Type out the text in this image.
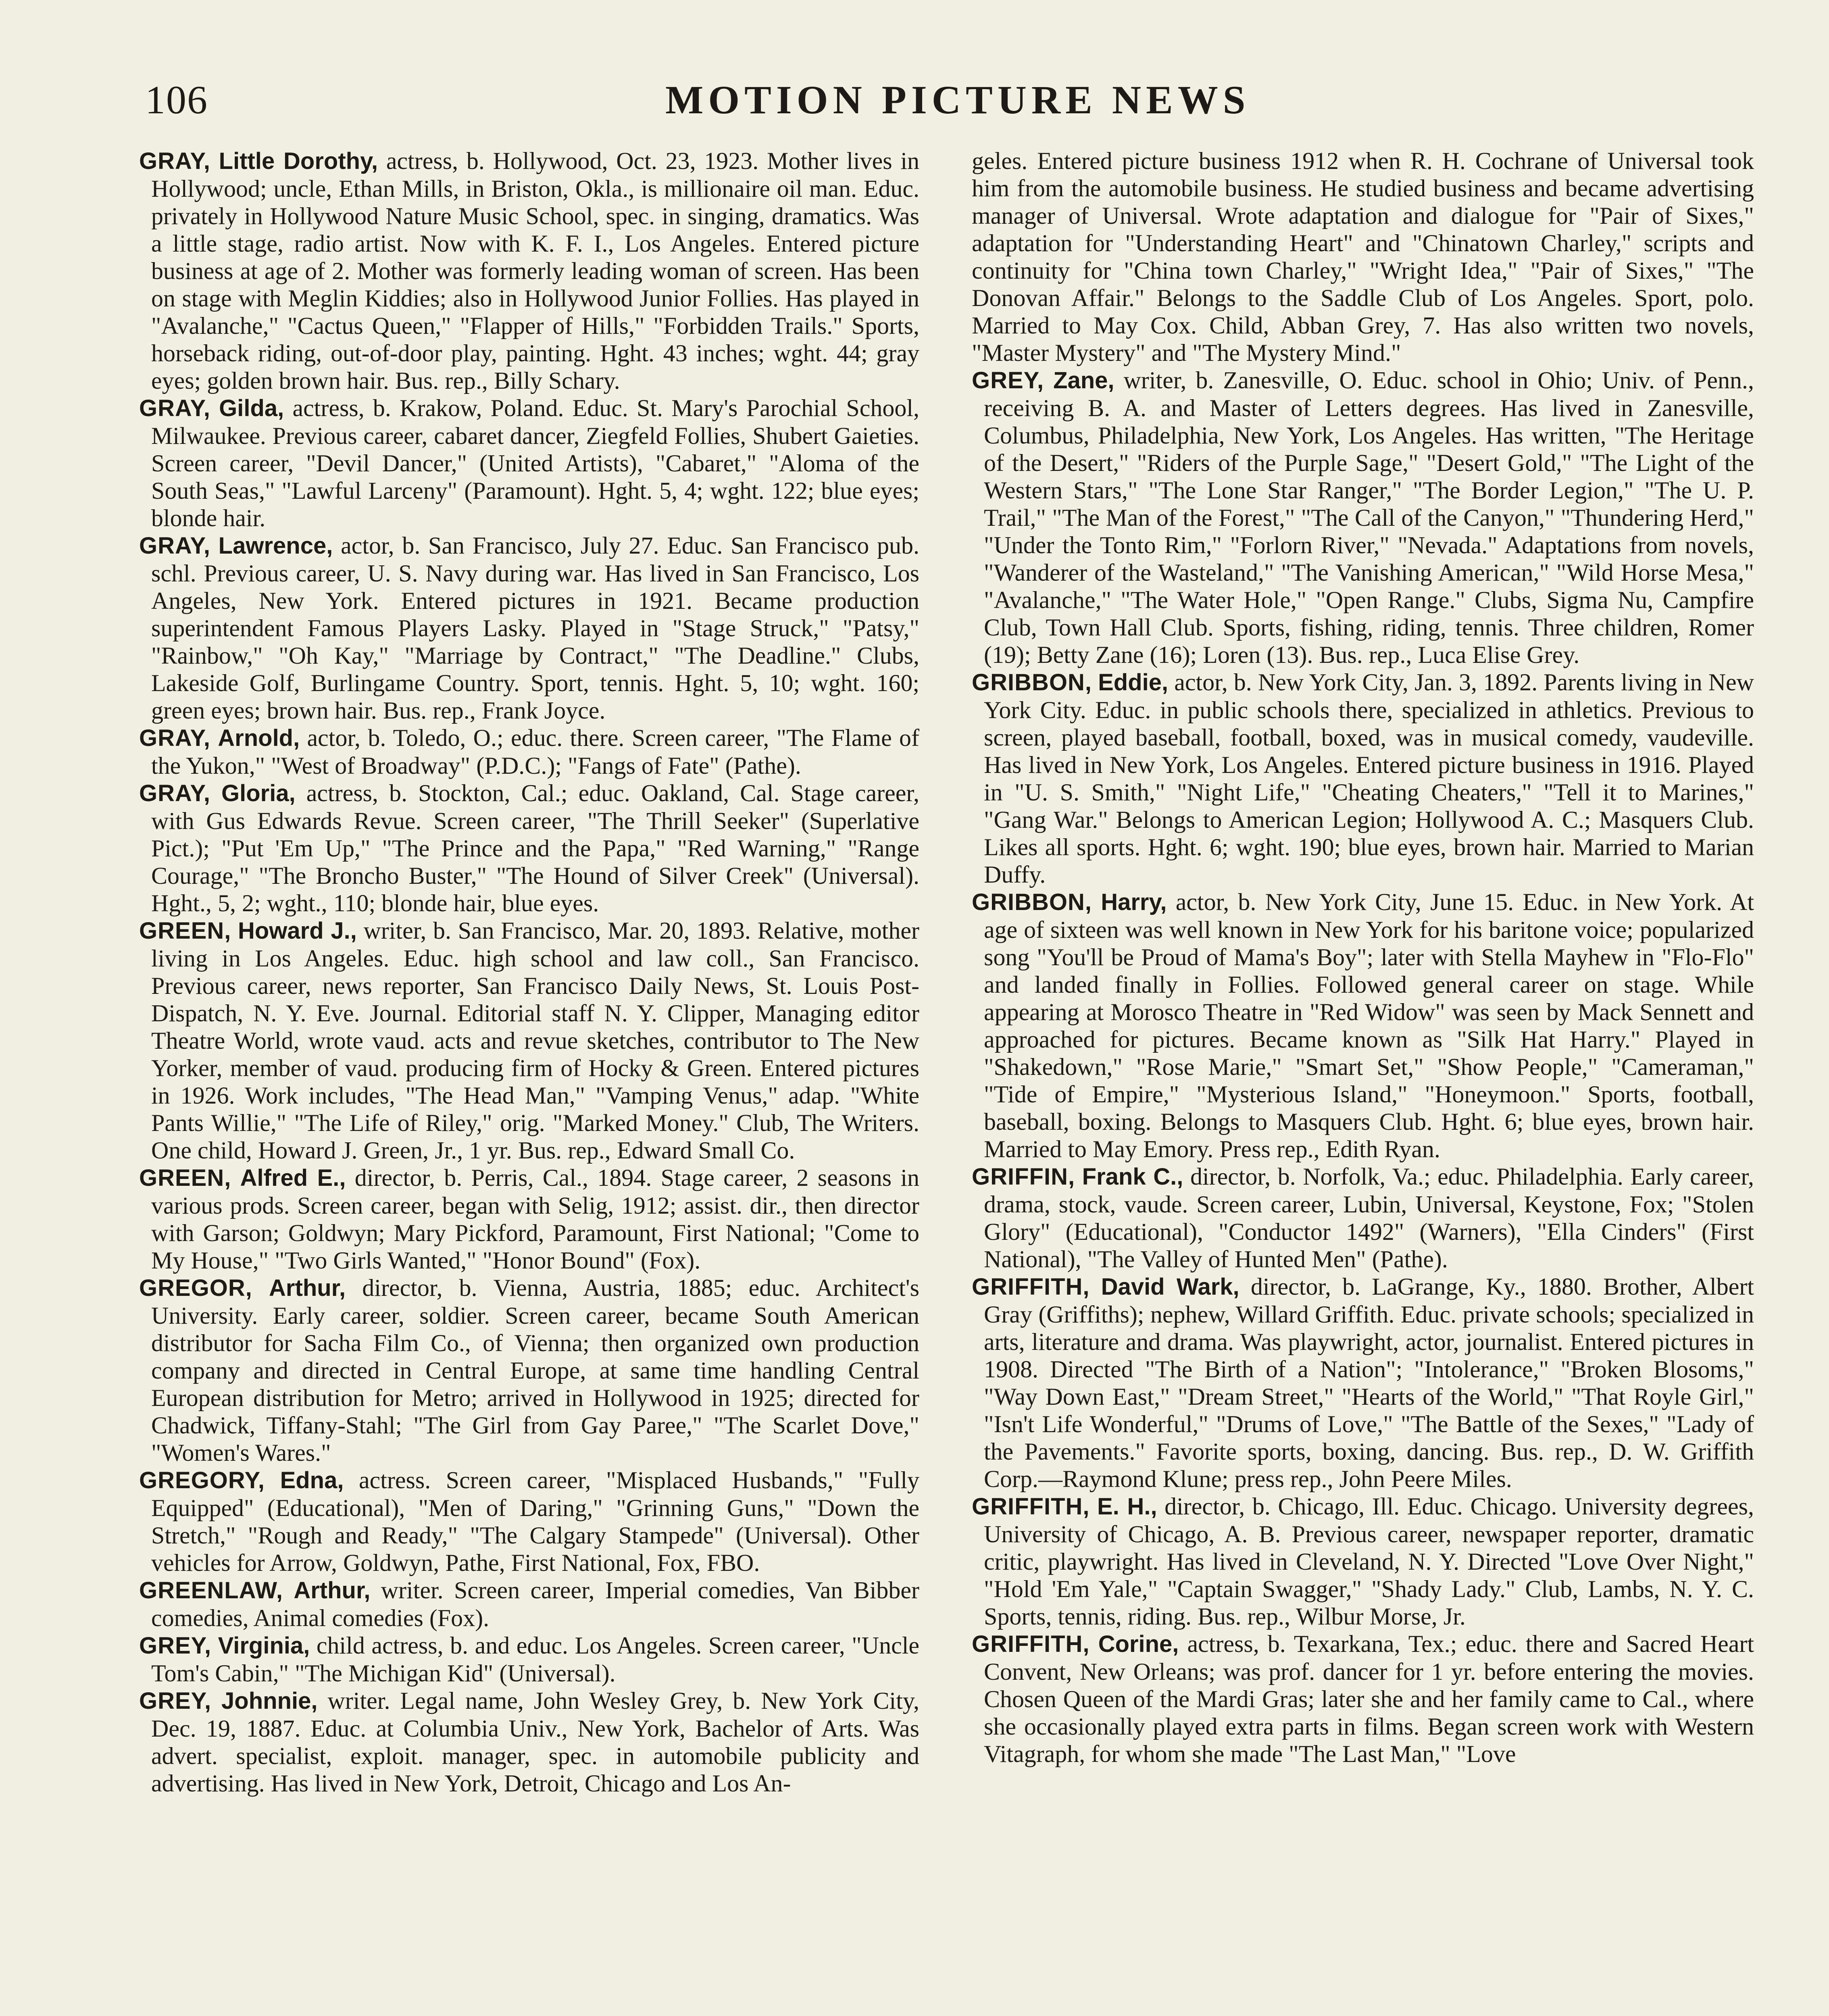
106	MOTION PICTURE NEWS

GRAY, Little Dorothy, actress, b. Hollywood, Oct. 23, 1923. Mother lives in Hollywood; uncle, Ethan Mills, in Briston, Okla., is millionaire oil man. Educ. privately in Hollywood Nature Music School, spec. in singing, dramatics. Was a little stage, radio artist. Now with K. F. I., Los Angeles. Entered picture business at age of 2. Mother was formerly leading woman of screen. Has been on stage with Meglin Kiddies; also in Hollywood Junior Follies. Has played in "Avalanche," "Cactus Queen," "Flapper of Hills," "Forbidden Trails." Sports, horseback riding, out-of-door play, painting. Hght. 43 inches; wght. 44; gray eyes; golden brown hair. Bus. rep., Billy Schary.

GRAY, Gilda, actress, b. Krakow, Poland. Educ. St. Mary's Parochial School, Milwaukee. Previous career, cabaret dancer, Ziegfeld Follies, Shubert Gaieties. Screen career, "Devil Dancer," (United Artists), "Cabaret," "Aloma of the South Seas," "Lawful Larceny" (Paramount). Hght. 5, 4; wght. 122; blue eyes; blonde hair.

GRAY, Lawrence, actor, b. San Francisco, July 27. Educ. San Francisco pub. schl. Previous career, U. S. Navy during war. Has lived in San Francisco, Los Angeles, New York. Entered pictures in 1921. Became production superintendent Famous Players Lasky. Played in "Stage Struck," "Patsy," "Rainbow," "Oh Kay," "Marriage by Contract," "The Deadline." Clubs, Lakeside Golf, Burlingame Country. Sport, tennis. Hght. 5, 10; wght. 160; green eyes; brown hair. Bus. rep., Frank Joyce.

GRAY, Arnold, actor, b. Toledo, O.; educ. there. Screen career, "The Flame of the Yukon," "West of Broadway" (P.D.C.); "Fangs of Fate" (Pathe).

GRAY, Gloria, actress, b. Stockton, Cal.; educ. Oakland, Cal. Stage career, with Gus Edwards Revue. Screen career, "The Thrill Seeker" (Superlative Pict.); "Put 'Em Up," "The Prince and the Papa," "Red Warning," "Range Courage," "The Broncho Buster," "The Hound of Silver Creek" (Universal). Hght., 5, 2; wght., 110; blonde hair, blue eyes.

GREEN, Howard J., writer, b. San Francisco, Mar. 20, 1893. Relative, mother living in Los Angeles. Educ. high school and law coll., San Francisco. Previous career, news reporter, San Francisco Daily News, St. Louis Post-Dispatch, N. Y. Eve. Journal. Editorial staff N. Y. Clipper, Managing editor Theatre World, wrote vaud. acts and revue sketches, contributor to The New Yorker, member of vaud. producing firm of Hocky & Green. Entered pictures in 1926. Work includes, "The Head Man," "Vamping Venus," adap. "White Pants Willie," "The Life of Riley," orig. "Marked Money." Club, The Writers. One child, Howard J. Green, Jr., 1 yr. Bus. rep., Edward Small Co.

GREEN, Alfred E., director, b. Perris, Cal., 1894. Stage career, 2 seasons in various prods. Screen career, began with Selig, 1912; assist. dir., then director with Garson; Goldwyn; Mary Pickford, Paramount, First National; "Come to My House," "Two Girls Wanted," "Honor Bound" (Fox).

GREGOR, Arthur, director, b. Vienna, Austria, 1885; educ. Architect's University. Early career, soldier. Screen career, became South American distributor for Sacha Film Co., of Vienna; then organized own production company and directed in Central Europe, at same time handling Central European distribution for Metro; arrived in Hollywood in 1925; directed for Chadwick, Tiffany-Stahl; "The Girl from Gay Paree," "The Scarlet Dove," "Women's Wares."

GREGORY, Edna, actress. Screen career, "Misplaced Husbands," "Fully Equipped" (Educational), "Men of Daring," "Grinning Guns," "Down the Stretch," "Rough and Ready," "The Calgary Stampede" (Universal). Other vehicles for Arrow, Goldwyn, Pathe, First National, Fox, FBO.

GREENLAW, Arthur, writer. Screen career, Imperial comedies, Van Bibber comedies, Animal comedies (Fox).

GREY, Virginia, child actress, b. and educ. Los Angeles. Screen career, "Uncle Tom's Cabin," "The Michigan Kid" (Universal).

GREY, Johnnie, writer. Legal name, John Wesley Grey, b. New York City, Dec. 19, 1887. Educ. at Columbia Univ., New York, Bachelor of Arts. Was advert. specialist, exploit. manager, spec. in automobile publicity and advertising. Has lived in New York, Detroit, Chicago and Los An-

geles. Entered picture business 1912 when R. H. Cochrane of Universal took him from the automobile business. He studied business and became advertising manager of Universal. Wrote adaptation and dialogue for "Pair of Sixes," adaptation for "Understanding Heart" and "Chinatown Charley," scripts and continuity for "China town Charley," "Wright Idea," "Pair of Sixes," "The Donovan Affair." Belongs to the Saddle Club of Los Angeles. Sport, polo. Married to May Cox. Child, Abban Grey, 7. Has also written two novels, "Master Mystery" and "The Mystery Mind."

GREY, Zane, writer, b. Zanesville, O. Educ. school in Ohio; Univ. of Penn., receiving B. A. and Master of Letters degrees. Has lived in Zanesville, Columbus, Philadelphia, New York, Los Angeles. Has written, "The Heritage of the Desert," "Riders of the Purple Sage," "Desert Gold," "The Light of the Western Stars," "The Lone Star Ranger," "The Border Legion," "The U. P. Trail," "The Man of the Forest," "The Call of the Canyon," "Thundering Herd," "Under the Tonto Rim," "Forlorn River," "Nevada." Adaptations from novels, "Wanderer of the Wasteland," "The Vanishing American," "Wild Horse Mesa," "Avalanche," "The Water Hole," "Open Range." Clubs, Sigma Nu, Campfire Club, Town Hall Club. Sports, fishing, riding, tennis. Three children, Romer (19); Betty Zane (16); Loren (13). Bus. rep., Luca Elise Grey.

GRIBBON, Eddie, actor, b. New York City, Jan. 3, 1892. Parents living in New York City. Educ. in public schools there, specialized in athletics. Previous to screen, played baseball, football, boxed, was in musical comedy, vaudeville. Has lived in New York, Los Angeles. Entered picture business in 1916. Played in "U. S. Smith," "Night Life," "Cheating Cheaters," "Tell it to Marines," "Gang War." Belongs to American Legion; Hollywood A. C.; Masquers Club. Likes all sports. Hght. 6; wght. 190; blue eyes, brown hair. Married to Marian Duffy.

GRIBBON, Harry, actor, b. New York City, June 15. Educ. in New York. At age of sixteen was well known in New York for his baritone voice; popularized song "You'll be Proud of Mama's Boy"; later with Stella Mayhew in "Flo-Flo" and landed finally in Follies. Followed general career on stage. While appearing at Morosco Theatre in "Red Widow" was seen by Mack Sennett and approached for pictures. Became known as "Silk Hat Harry." Played in "Shakedown," "Rose Marie," "Smart Set," "Show People," "Cameraman," "Tide of Empire," "Mysterious Island," "Honeymoon." Sports, football, baseball, boxing. Belongs to Masquers Club. Hght. 6; blue eyes, brown hair. Married to May Emory. Press rep., Edith Ryan.

GRIFFIN, Frank C., director, b. Norfolk, Va.; educ. Philadelphia. Early career, drama, stock, vaude. Screen career, Lubin, Universal, Keystone, Fox; "Stolen Glory" (Educational), "Conductor 1492" (Warners), "Ella Cinders" (First National), "The Valley of Hunted Men" (Pathe).

GRIFFITH, David Wark, director, b. LaGrange, Ky., 1880. Brother, Albert Gray (Griffiths); nephew, Willard Griffith. Educ. private schools; specialized in arts, literature and drama. Was playwright, actor, journalist. Entered pictures in 1908. Directed "The Birth of a Nation"; "Intolerance," "Broken Blosoms," "Way Down East," "Dream Street," "Hearts of the World," "That Royle Girl," "Isn't Life Wonderful," "Drums of Love," "The Battle of the Sexes," "Lady of the Pavements." Favorite sports, boxing, dancing. Bus. rep., D. W. Griffith Corp.—Raymond Klune; press rep., John Peere Miles.

GRIFFITH, E. H., director, b. Chicago, Ill. Educ. Chicago. University degrees, University of Chicago, A. B. Previous career, newspaper reporter, dramatic critic, playwright. Has lived in Cleveland, N. Y. Directed "Love Over Night," "Hold 'Em Yale," "Captain Swagger," "Shady Lady." Club, Lambs, N. Y. C. Sports, tennis, riding. Bus. rep., Wilbur Morse, Jr.

GRIFFITH, Corine, actress, b. Texarkana, Tex.; educ. there and Sacred Heart Convent, New Orleans; was prof. dancer for 1 yr. before entering the movies. Chosen Queen of the Mardi Gras; later she and her family came to Cal., where she occasionally played extra parts in films. Began screen work with Western Vitagraph, for whom she made "The Last Man," "Love
